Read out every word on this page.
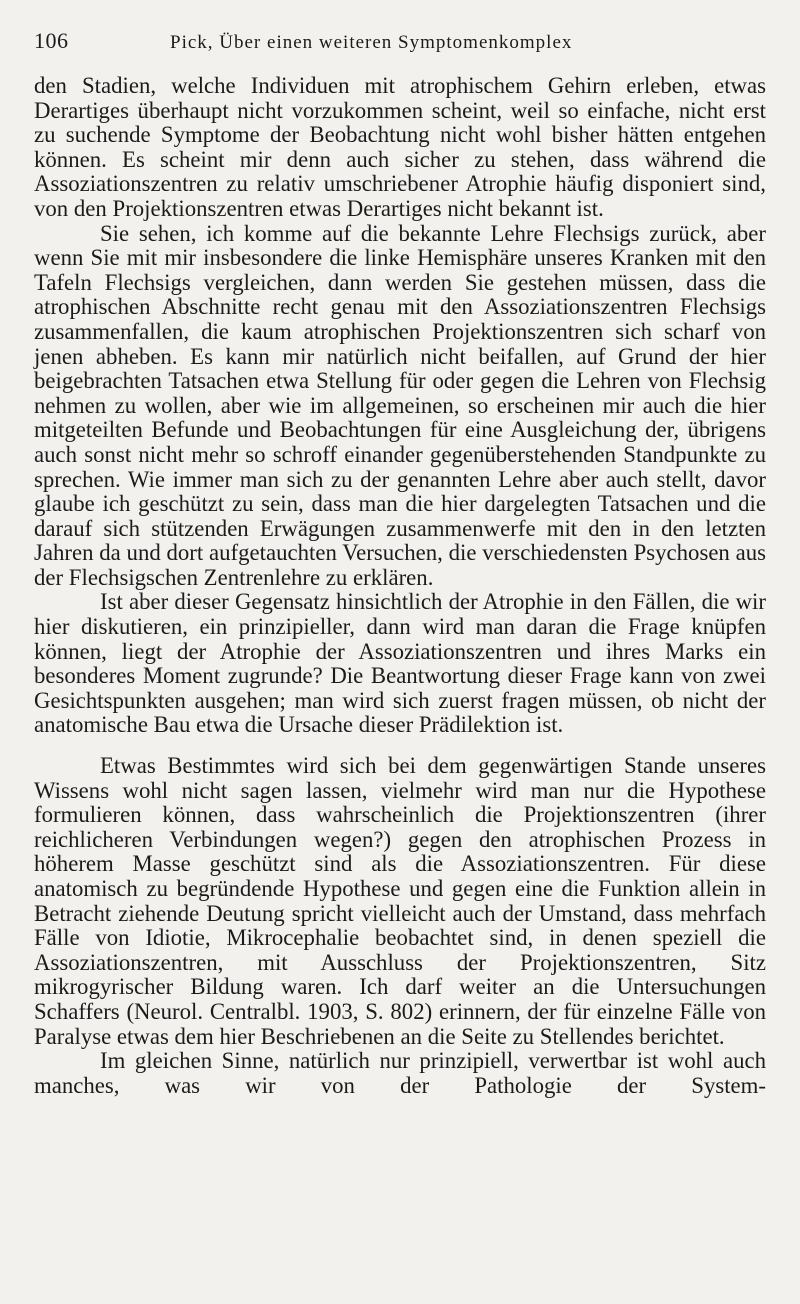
106	Pick, Über einen weiteren Symptomenkomplex

den Stadien, welche Individuen mit atrophischem Gehirn erleben, etwas Derartiges überhaupt nicht vorzukommen scheint, weil so einfache, nicht erst zu suchende Symptome der Beobachtung nicht wohl bisher hätten entgehen können. Es scheint mir denn auch sicher zu stehen, dass während die Assoziationszentren zu relativ umschriebener Atrophie häufig disponiert sind, von den Projektionszentren etwas Derartiges nicht bekannt ist.

Sie sehen, ich komme auf die bekannte Lehre Flechsigs zurück, aber wenn Sie mit mir insbesondere die linke Hemisphäre unseres Kranken mit den Tafeln Flechsigs vergleichen, dann werden Sie gestehen müssen, dass die atrophischen Abschnitte recht genau mit den Assoziationszentren Flechsigs zusammenfallen, die kaum atrophischen Projektionszentren sich scharf von jenen abheben. Es kann mir natürlich nicht beifallen, auf Grund der hier beigebrachten Tatsachen etwa Stellung für oder gegen die Lehren von Flechsig nehmen zu wollen, aber wie im allgemeinen, so erscheinen mir auch die hier mitgeteilten Befunde und Beobachtungen für eine Ausgleichung der, übrigens auch sonst nicht mehr so schroff einander gegenüberstehenden Standpunkte zu sprechen. Wie immer man sich zu der genannten Lehre aber auch stellt, davor glaube ich geschützt zu sein, dass man die hier dargelegten Tatsachen und die darauf sich stützenden Erwägungen zusammenwerfe mit den in den letzten Jahren da und dort aufgetauchten Versuchen, die verschiedensten Psychosen aus der Flechsigschen Zentrenlehre zu erklären.

Ist aber dieser Gegensatz hinsichtlich der Atrophie in den Fällen, die wir hier diskutieren, ein prinzipieller, dann wird man daran die Frage knüpfen können, liegt der Atrophie der Assoziationszentren und ihres Marks ein besonderes Moment zugrunde? Die Beantwortung dieser Frage kann von zwei Gesichtspunkten ausgehen; man wird sich zuerst fragen müssen, ob nicht der anatomische Bau etwa die Ursache dieser Prädilektion ist.

Etwas Bestimmtes wird sich bei dem gegenwärtigen Stande unseres Wissens wohl nicht sagen lassen, vielmehr wird man nur die Hypothese formulieren können, dass wahrscheinlich die Projektionszentren (ihrer reichlicheren Verbindungen wegen?) gegen den atrophischen Prozess in höherem Masse geschützt sind als die Assoziationszentren. Für diese anatomisch zu begründende Hypothese und gegen eine die Funktion allein in Betracht ziehende Deutung spricht vielleicht auch der Umstand, dass mehrfach Fälle von Idiotie, Mikrocephalie beobachtet sind, in denen speziell die Assoziationszentren, mit Ausschluss der Projektionszentren, Sitz mikrogyrischer Bildung waren. Ich darf weiter an die Untersuchungen Schaffers (Neurol. Centralbl. 1903, S. 802) erinnern, der für einzelne Fälle von Paralyse etwas dem hier Beschriebenen an die Seite zu Stellendes berichtet.

Im gleichen Sinne, natürlich nur prinzipiell, verwertbar ist wohl auch manches, was wir von der Pathologie der System-
